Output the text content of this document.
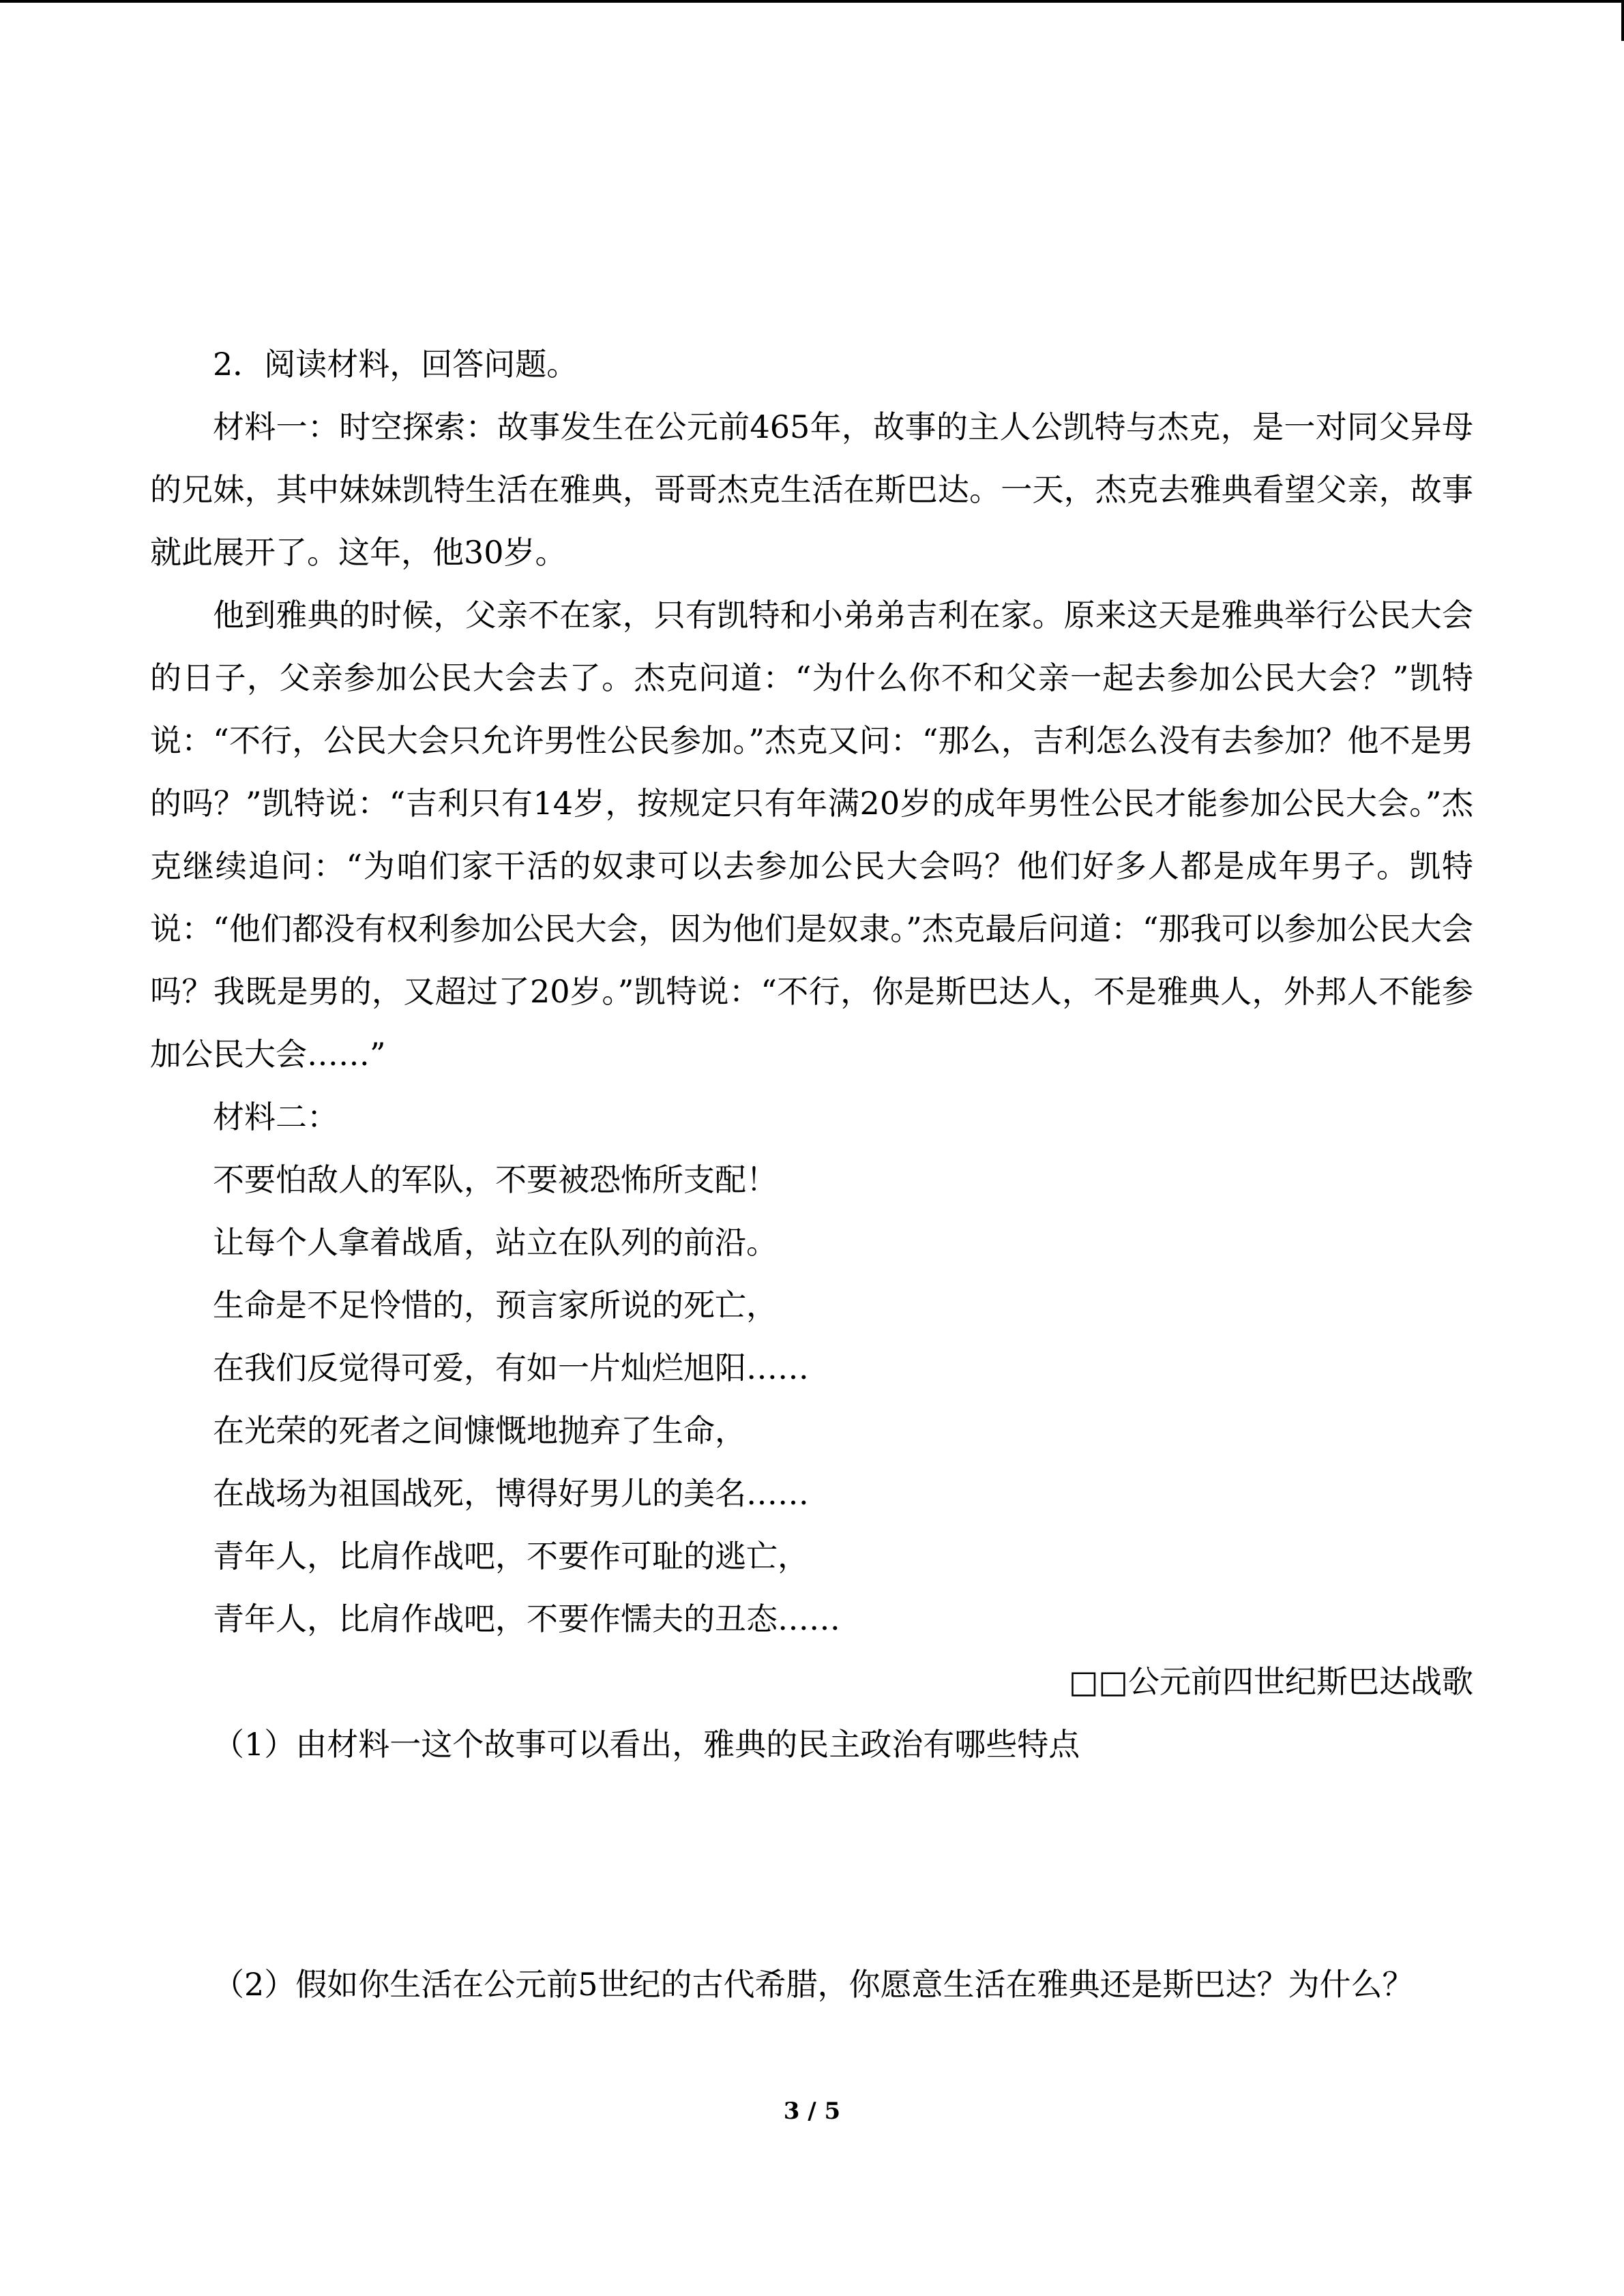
2．阅读材料，回答问题。

材料一：时空探索：故事发生在公元前465年，故事的主人公凯特与杰克，是一对同父异母的兄妹，其中妹妹凯特生活在雅典，哥哥杰克生活在斯巴达。一天，杰克去雅典看望父亲，故事就此展开了。这年，他30岁。

他到雅典的时候，父亲不在家，只有凯特和小弟弟吉利在家。原来这天是雅典举行公民大会的日子，父亲参加公民大会去了。杰克问道：“为什么你不和父亲一起去参加公民大会？”凯特说：“不行，公民大会只允许男性公民参加。”杰克又问：“那么，吉利怎么没有去参加？他不是男的吗？”凯特说：“吉利只有14岁，按规定只有年满20岁的成年男性公民才能参加公民大会。”杰克继续追问：“为咱们家干活的奴隶可以去参加公民大会吗？他们好多人都是成年男子。凯特说：“他们都没有权利参加公民大会，因为他们是奴隶。”杰克最后问道：“那我可以参加公民大会吗？我既是男的，又超过了20岁。”凯特说：“不行，你是斯巴达人，不是雅典人，外邦人不能参加公民大会……”

材料二：

不要怕敌人的军队，不要被恐怖所支配！

让每个人拿着战盾，站立在队列的前沿。

生命是不足怜惜的，预言家所说的死亡，

在我们反觉得可爱，有如一片灿烂旭阳……

在光荣的死者之间慷慨地抛弃了生命，

在战场为祖国战死，博得好男儿的美名……

青年人，比肩作战吧，不要作可耻的逃亡，

青年人，比肩作战吧，不要作懦夫的丑态……

□□公元前四世纪斯巴达战歌

（1）由材料一这个故事可以看出，雅典的民主政治有哪些特点

（2）假如你生活在公元前5世纪的古代希腊，你愿意生活在雅典还是斯巴达？为什么？

3 / 5
